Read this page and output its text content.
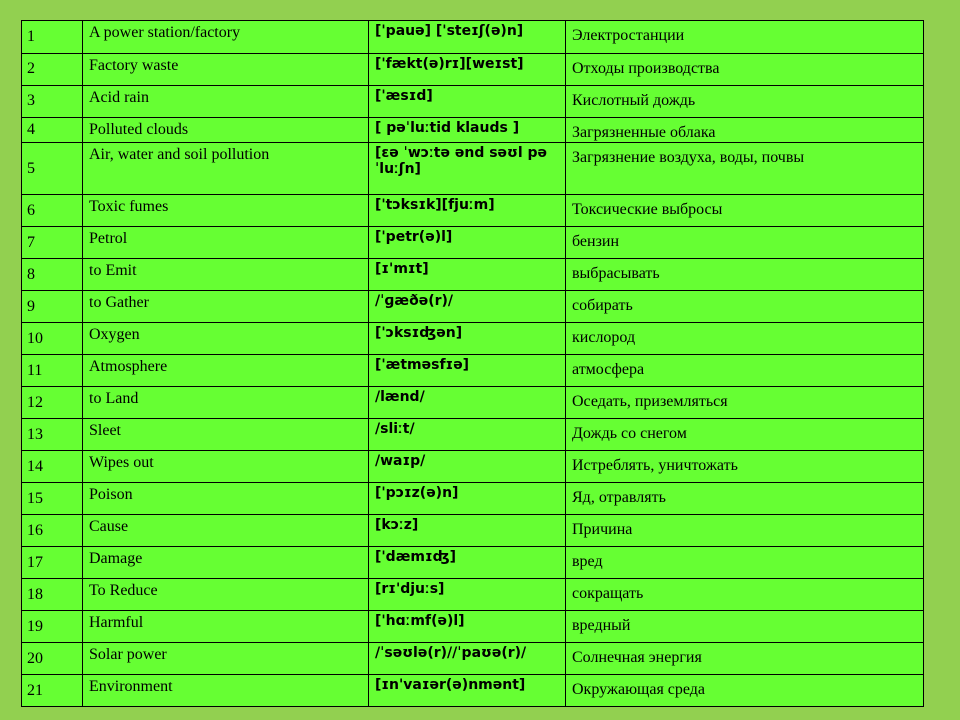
1	A power station/factory	['pauə] ['steɪʃ(ə)n]	Электростанции
2	Factory waste	['fækt(ə)rɪ][weɪst]	Отходы производства
3	Acid rain	['æsɪd]	Кислотный дождь
4	Polluted clouds	[ pəˈluːtid klauds ]	Загрязненные облака
5	Air, water and soil pollution	[εə ˈwɔːtə ənd səʊl pə ˈluːʃn]	Загрязнение воздуха, воды, почвы
6	Toxic fumes	['tɔksɪk][fjuːm]	Токсические выбросы
7	Petrol	['petr(ə)l]	бензин
8	to Emit	[ɪ'mɪt]	выбрасывать
9	to Gather	/ˈɡæðə(r)/	собирать
10	Oxygen	['ɔksɪʤən]	кислород
11	Atmosphere	['ætməsfɪə]	атмосфера
12	to Land	/lænd/	Оседать, приземляться
13	Sleet	/sliːt/	Дождь со снегом
14	Wipes out	/waɪp/	Истреблять, уничтожать
15	Poison	['pɔɪz(ə)n]	Яд, отравлять
16	Cause	[kɔːz]	Причина
17	Damage	['dæmɪʤ]	вред
18	To Reduce	[rɪ'djuːs]	сокращать
19	Harmful	['hɑːmf(ə)l]	вредный
20	Solar power	/ˈsəʊlə(r)//ˈpaʊə(r)/	Солнечная энергия
21	Environment	[ɪn'vaɪər(ə)nmənt]	Окружающая среда
